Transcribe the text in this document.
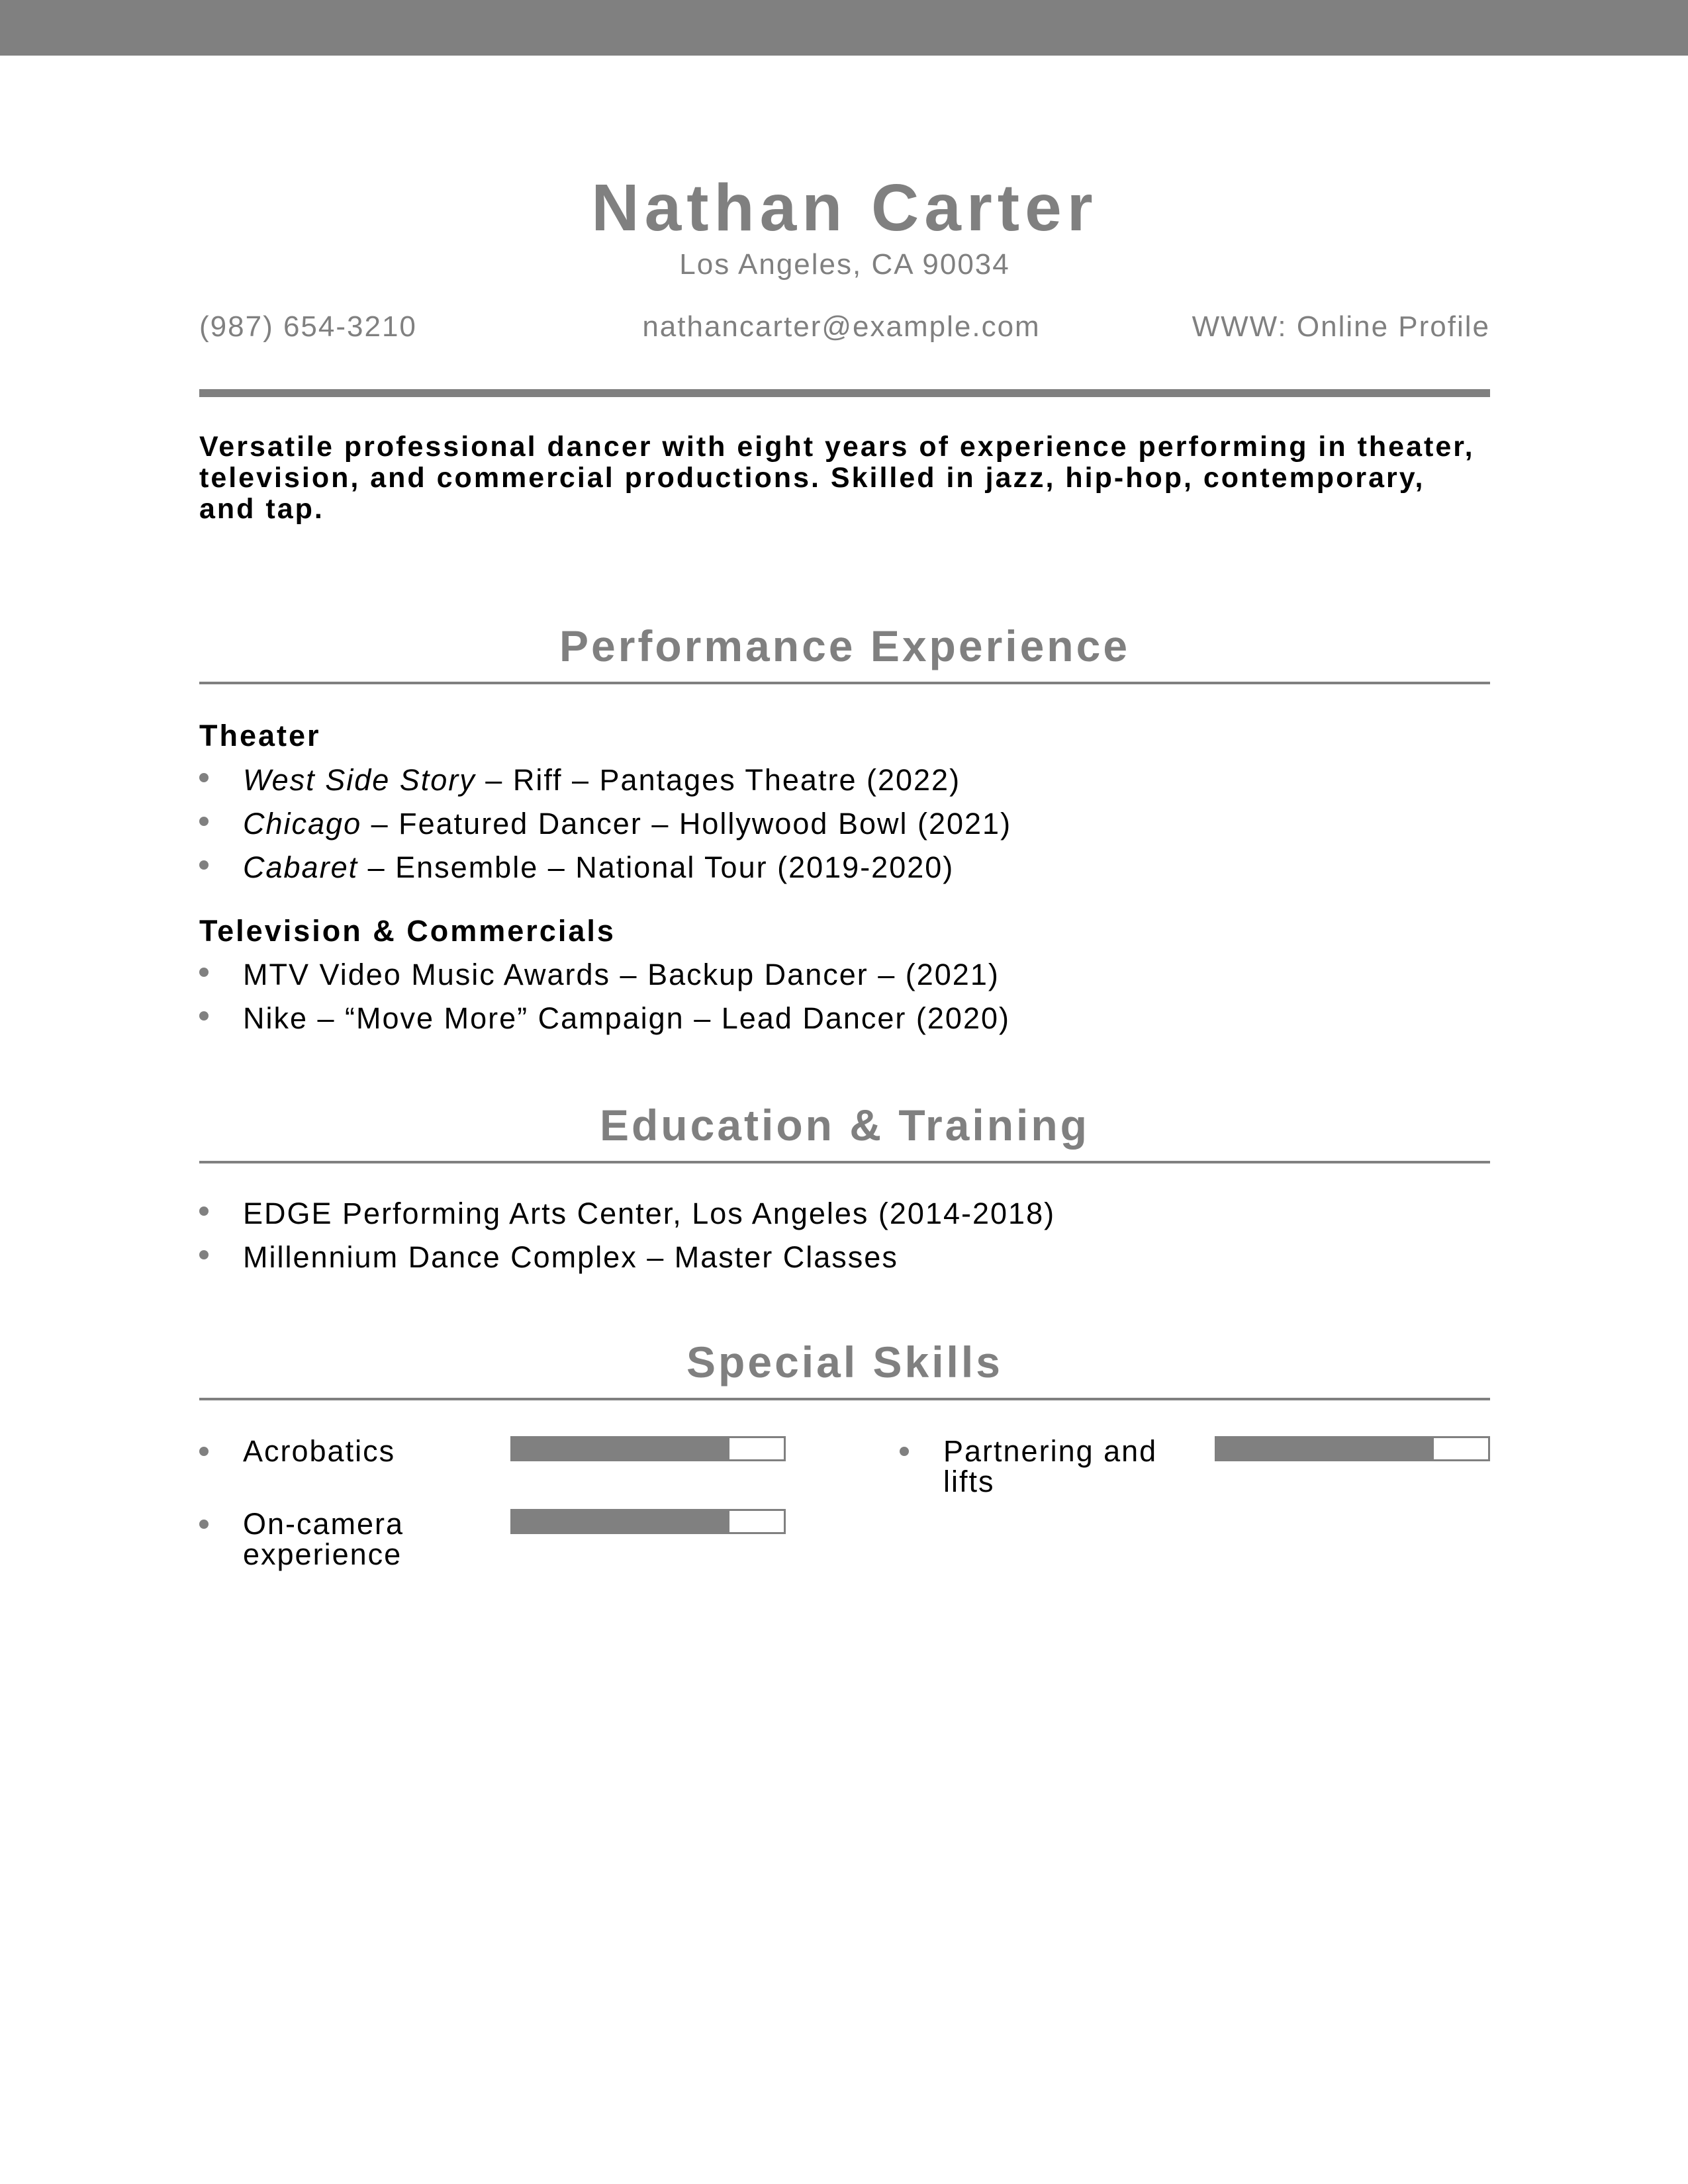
Nathan Carter
Los Angeles, CA 90034
(987) 654-3210	nathancarter@example.com	WWW: Online Profile
Versatile professional dancer with eight years of experience performing in theater, television, and commercial productions. Skilled in jazz, hip-hop, contemporary, and tap.
Performance Experience
Theater
West Side Story – Riff – Pantages Theatre (2022)
Chicago – Featured Dancer – Hollywood Bowl (2021)
Cabaret – Ensemble – National Tour (2019-2020)
Television & Commercials
MTV Video Music Awards – Backup Dancer – (2021)
Nike – “Move More” Campaign – Lead Dancer (2020)
Education & Training
EDGE Performing Arts Center, Los Angeles (2014-2018)
Millennium Dance Complex – Master Classes
Special Skills
Acrobatics	Partnering and lifts
On-camera experience
